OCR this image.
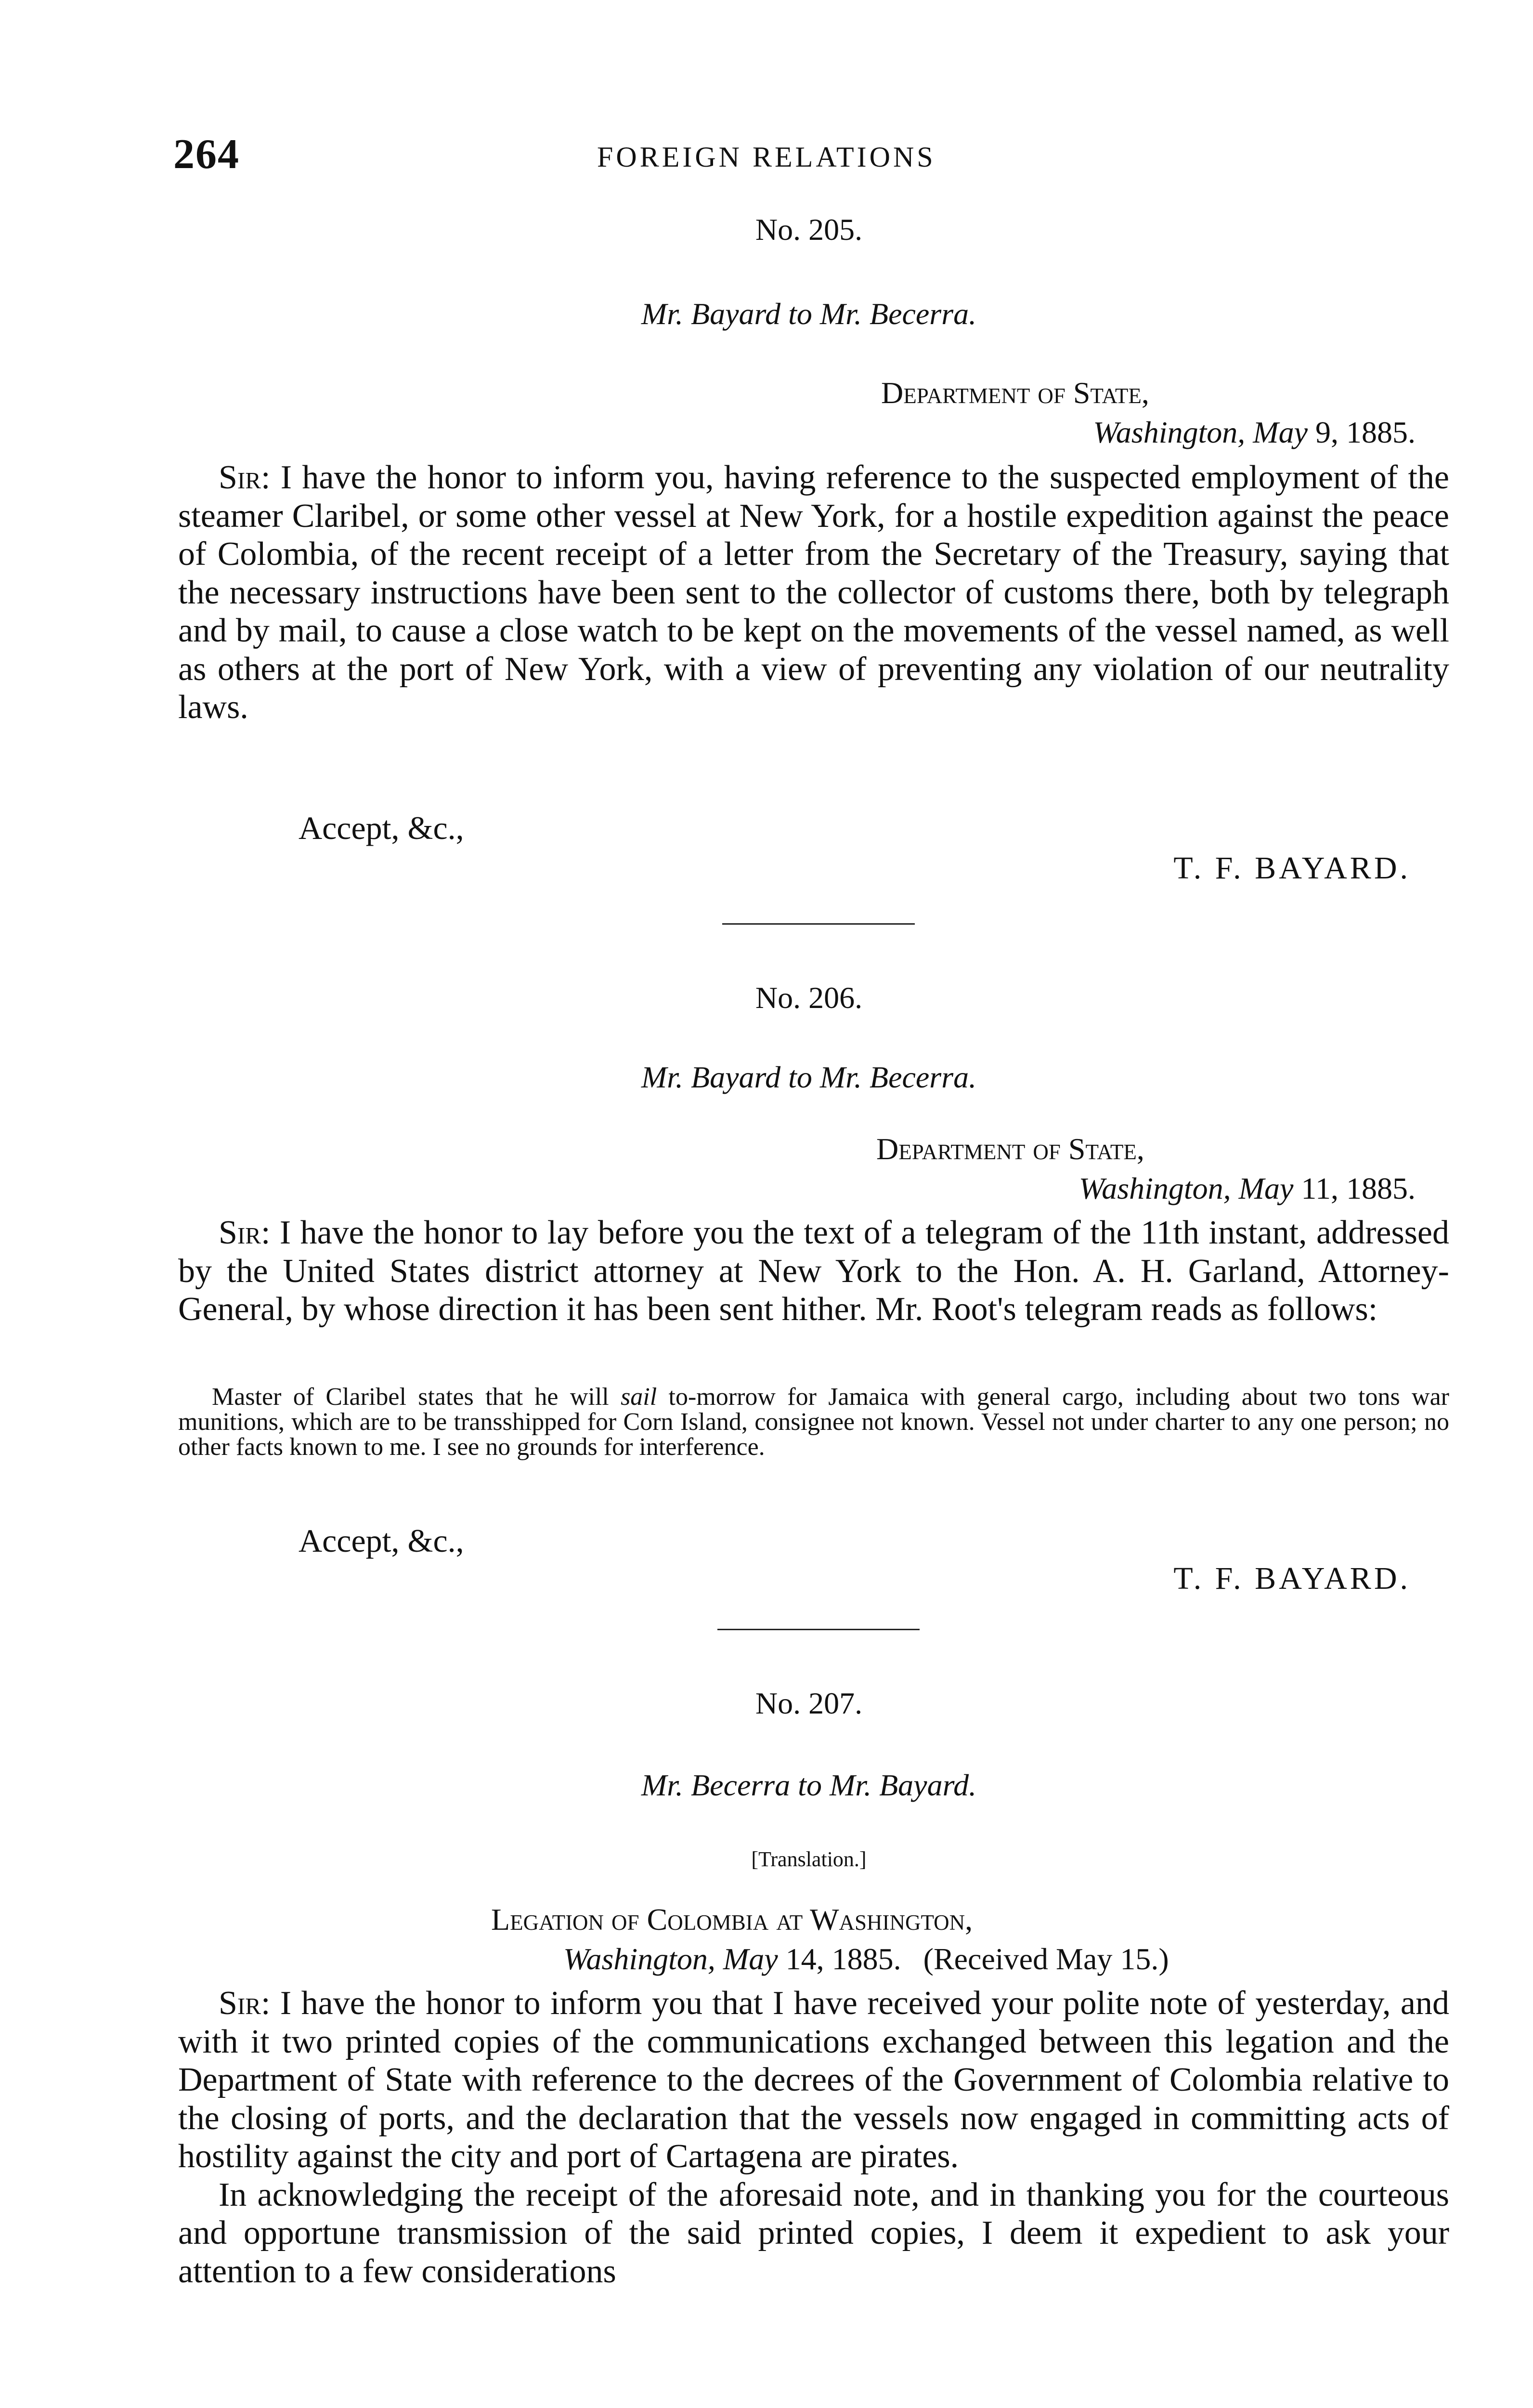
264	FOREIGN RELATIONS
No. 205.
Mr. Bayard to Mr. Becerra.
Department of State,
Washington, May 9, 1885.

Sir: I have the honor to inform you, having reference to the suspected employment of the steamer Claribel, or some other vessel at New York, for a hostile expedition against the peace of Colombia, of the recent receipt of a letter from the Secretary of the Treasury, saying that the necessary instructions have been sent to the collector of customs there, both by telegraph and by mail, to cause a close watch to be kept on the movements of the vessel named, as well as others at the port of New York, with a view of preventing any violation of our neutrality laws.

Accept, &c.,
T. F. BAYARD.
No. 206.
Mr. Bayard to Mr. Becerra.
Department of State,
Washington, May 11, 1885.

Sir: I have the honor to lay before you the text of a telegram of the 11th instant, addressed by the United States district attorney at New York to the Hon. A. H. Garland, Attorney-General, by whose direction it has been sent hither. Mr. Root's telegram reads as follows:

Master of Claribel states that he will sail to-morrow for Jamaica with general cargo, including about two tons war munitions, which are to be transshipped for Corn Island, consignee not known. Vessel not under charter to any one person; no other facts known to me. I see no grounds for interference.

Accept, &c.,
T. F. BAYARD.
No. 207.
Mr. Becerra to Mr. Bayard.
[Translation.]
Legation of Colombia at Washington,
Washington, May 14, 1885. (Received May 15.)

Sir: I have the honor to inform you that I have received your polite note of yesterday, and with it two printed copies of the communications exchanged between this legation and the Department of State with reference to the decrees of the Government of Colombia relative to the closing of ports, and the declaration that the vessels now engaged in committing acts of hostility against the city and port of Cartagena are pirates.

In acknowledging the receipt of the aforesaid note, and in thanking you for the courteous and opportune transmission of the said printed copies, I deem it expedient to ask your attention to a few considerations
